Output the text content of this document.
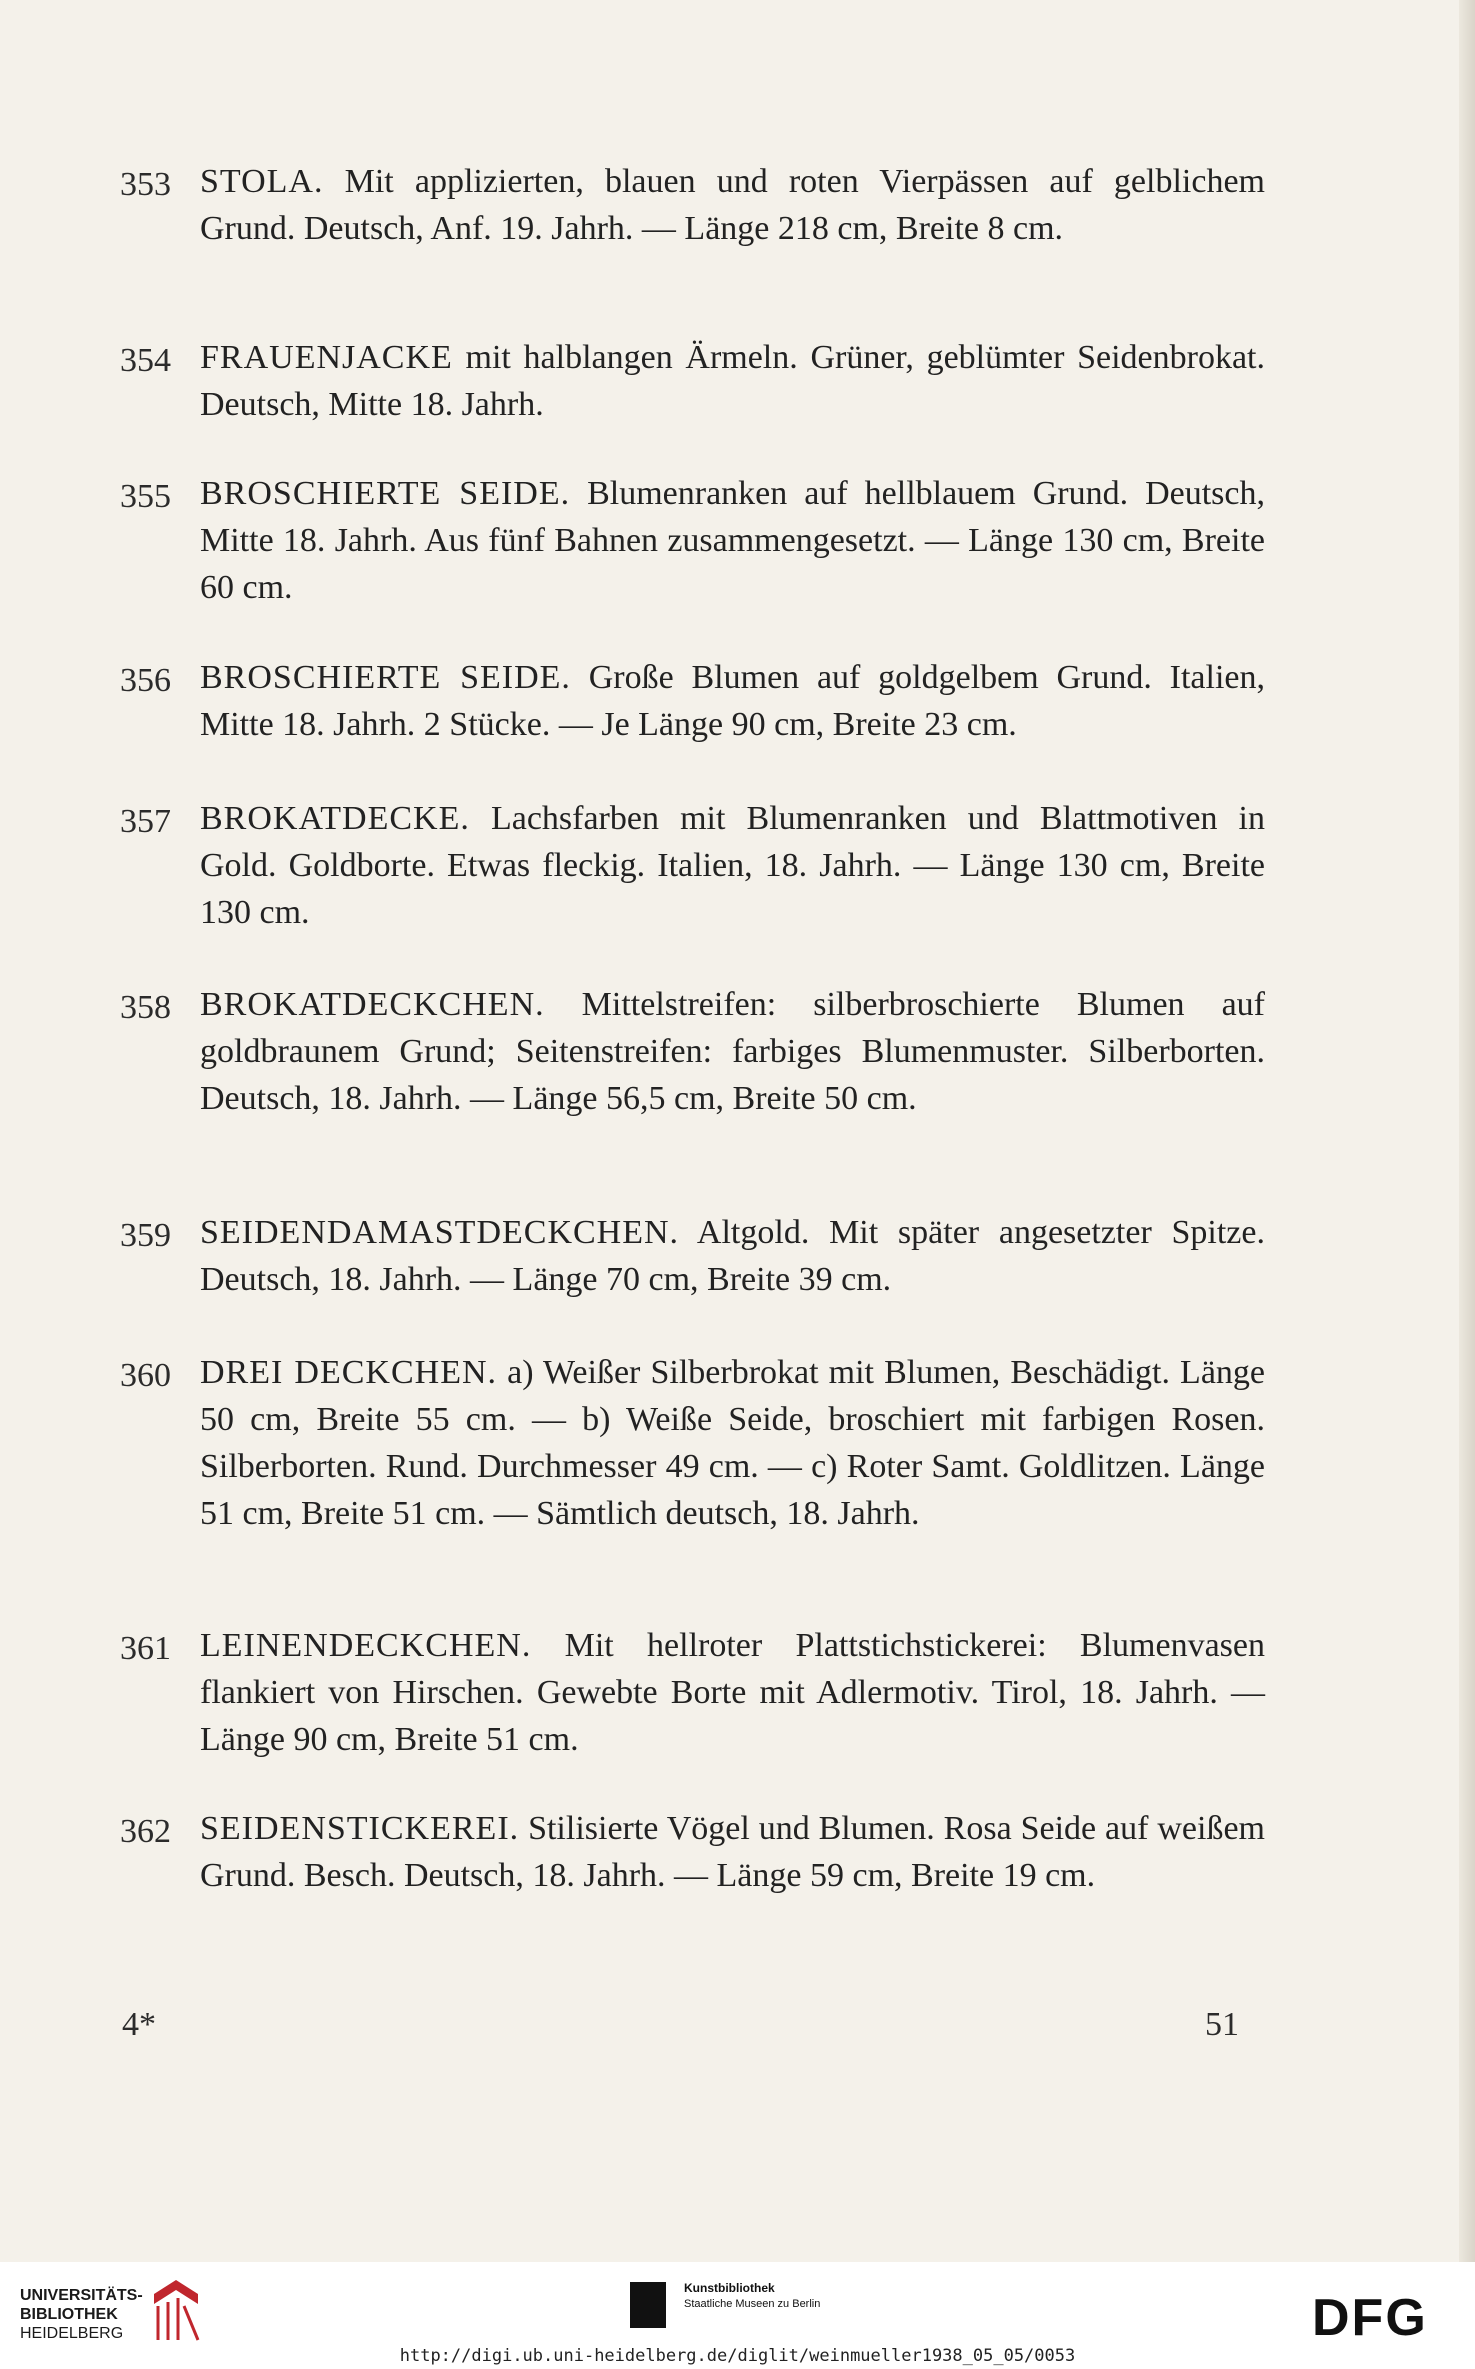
353 STOLA. Mit applizierten, blauen und roten Vierpässen auf gelblichem Grund. Deutsch, Anf. 19. Jahrh. — Länge 218 cm, Breite 8 cm.
354 FRAUENJACKE mit halblangen Ärmeln. Grüner, geblümter Seidenbrokat. Deutsch, Mitte 18. Jahrh.
355 BROSCHIERTE SEIDE. Blumenranken auf hellblauem Grund. Deutsch, Mitte 18. Jahrh. Aus fünf Bahnen zusammengesetzt. — Länge 130 cm, Breite 60 cm.
356 BROSCHIERTE SEIDE. Große Blumen auf goldgelbem Grund. Italien, Mitte 18. Jahrh. 2 Stücke. — Je Länge 90 cm, Breite 23 cm.
357 BROKATDECKE. Lachsfarben mit Blumenranken und Blattmotiven in Gold. Goldborte. Etwas fleckig. Italien, 18. Jahrh. — Länge 130 cm, Breite 130 cm.
358 BROKATDECKCHEN. Mittelstreifen: silberbroschierte Blumen auf goldbraunem Grund; Seitenstreifen: farbiges Blumenmuster. Silberborten. Deutsch, 18. Jahrh. — Länge 56,5 cm, Breite 50 cm.
359 SEIDENDAMASTDECKCHEN. Altgold. Mit später angesetzter Spitze. Deutsch, 18. Jahrh. — Länge 70 cm, Breite 39 cm.
360 DREI DECKCHEN. a) Weißer Silberbrokat mit Blumen, Beschädigt. Länge 50 cm, Breite 55 cm. — b) Weiße Seide, broschiert mit farbigen Rosen. Silberborten. Rund. Durchmesser 49 cm. — c) Roter Samt. Goldlitzen. Länge 51 cm, Breite 51 cm. — Sämtlich deutsch, 18. Jahrh.
361 LEINENDECKCHEN. Mit hellroter Plattstichstickerei: Blumenvasen flankiert von Hirschen. Gewebte Borte mit Adlermotiv. Tirol, 18. Jahrh. — Länge 90 cm, Breite 51 cm.
362 SEIDENSTICKEREI. Stilisierte Vögel und Blumen. Rosa Seide auf weißem Grund. Besch. Deutsch, 18. Jahrh. — Länge 59 cm, Breite 19 cm.
4*	51
UNIVERSITÄTS-
BIBLIOTHEK
HEIDELBERG
Kunstbibliothek
Staatliche Museen zu Berlin	DFG
http://digi.ub.uni-heidelberg.de/diglit/weinmueller1938_05_05/0053
